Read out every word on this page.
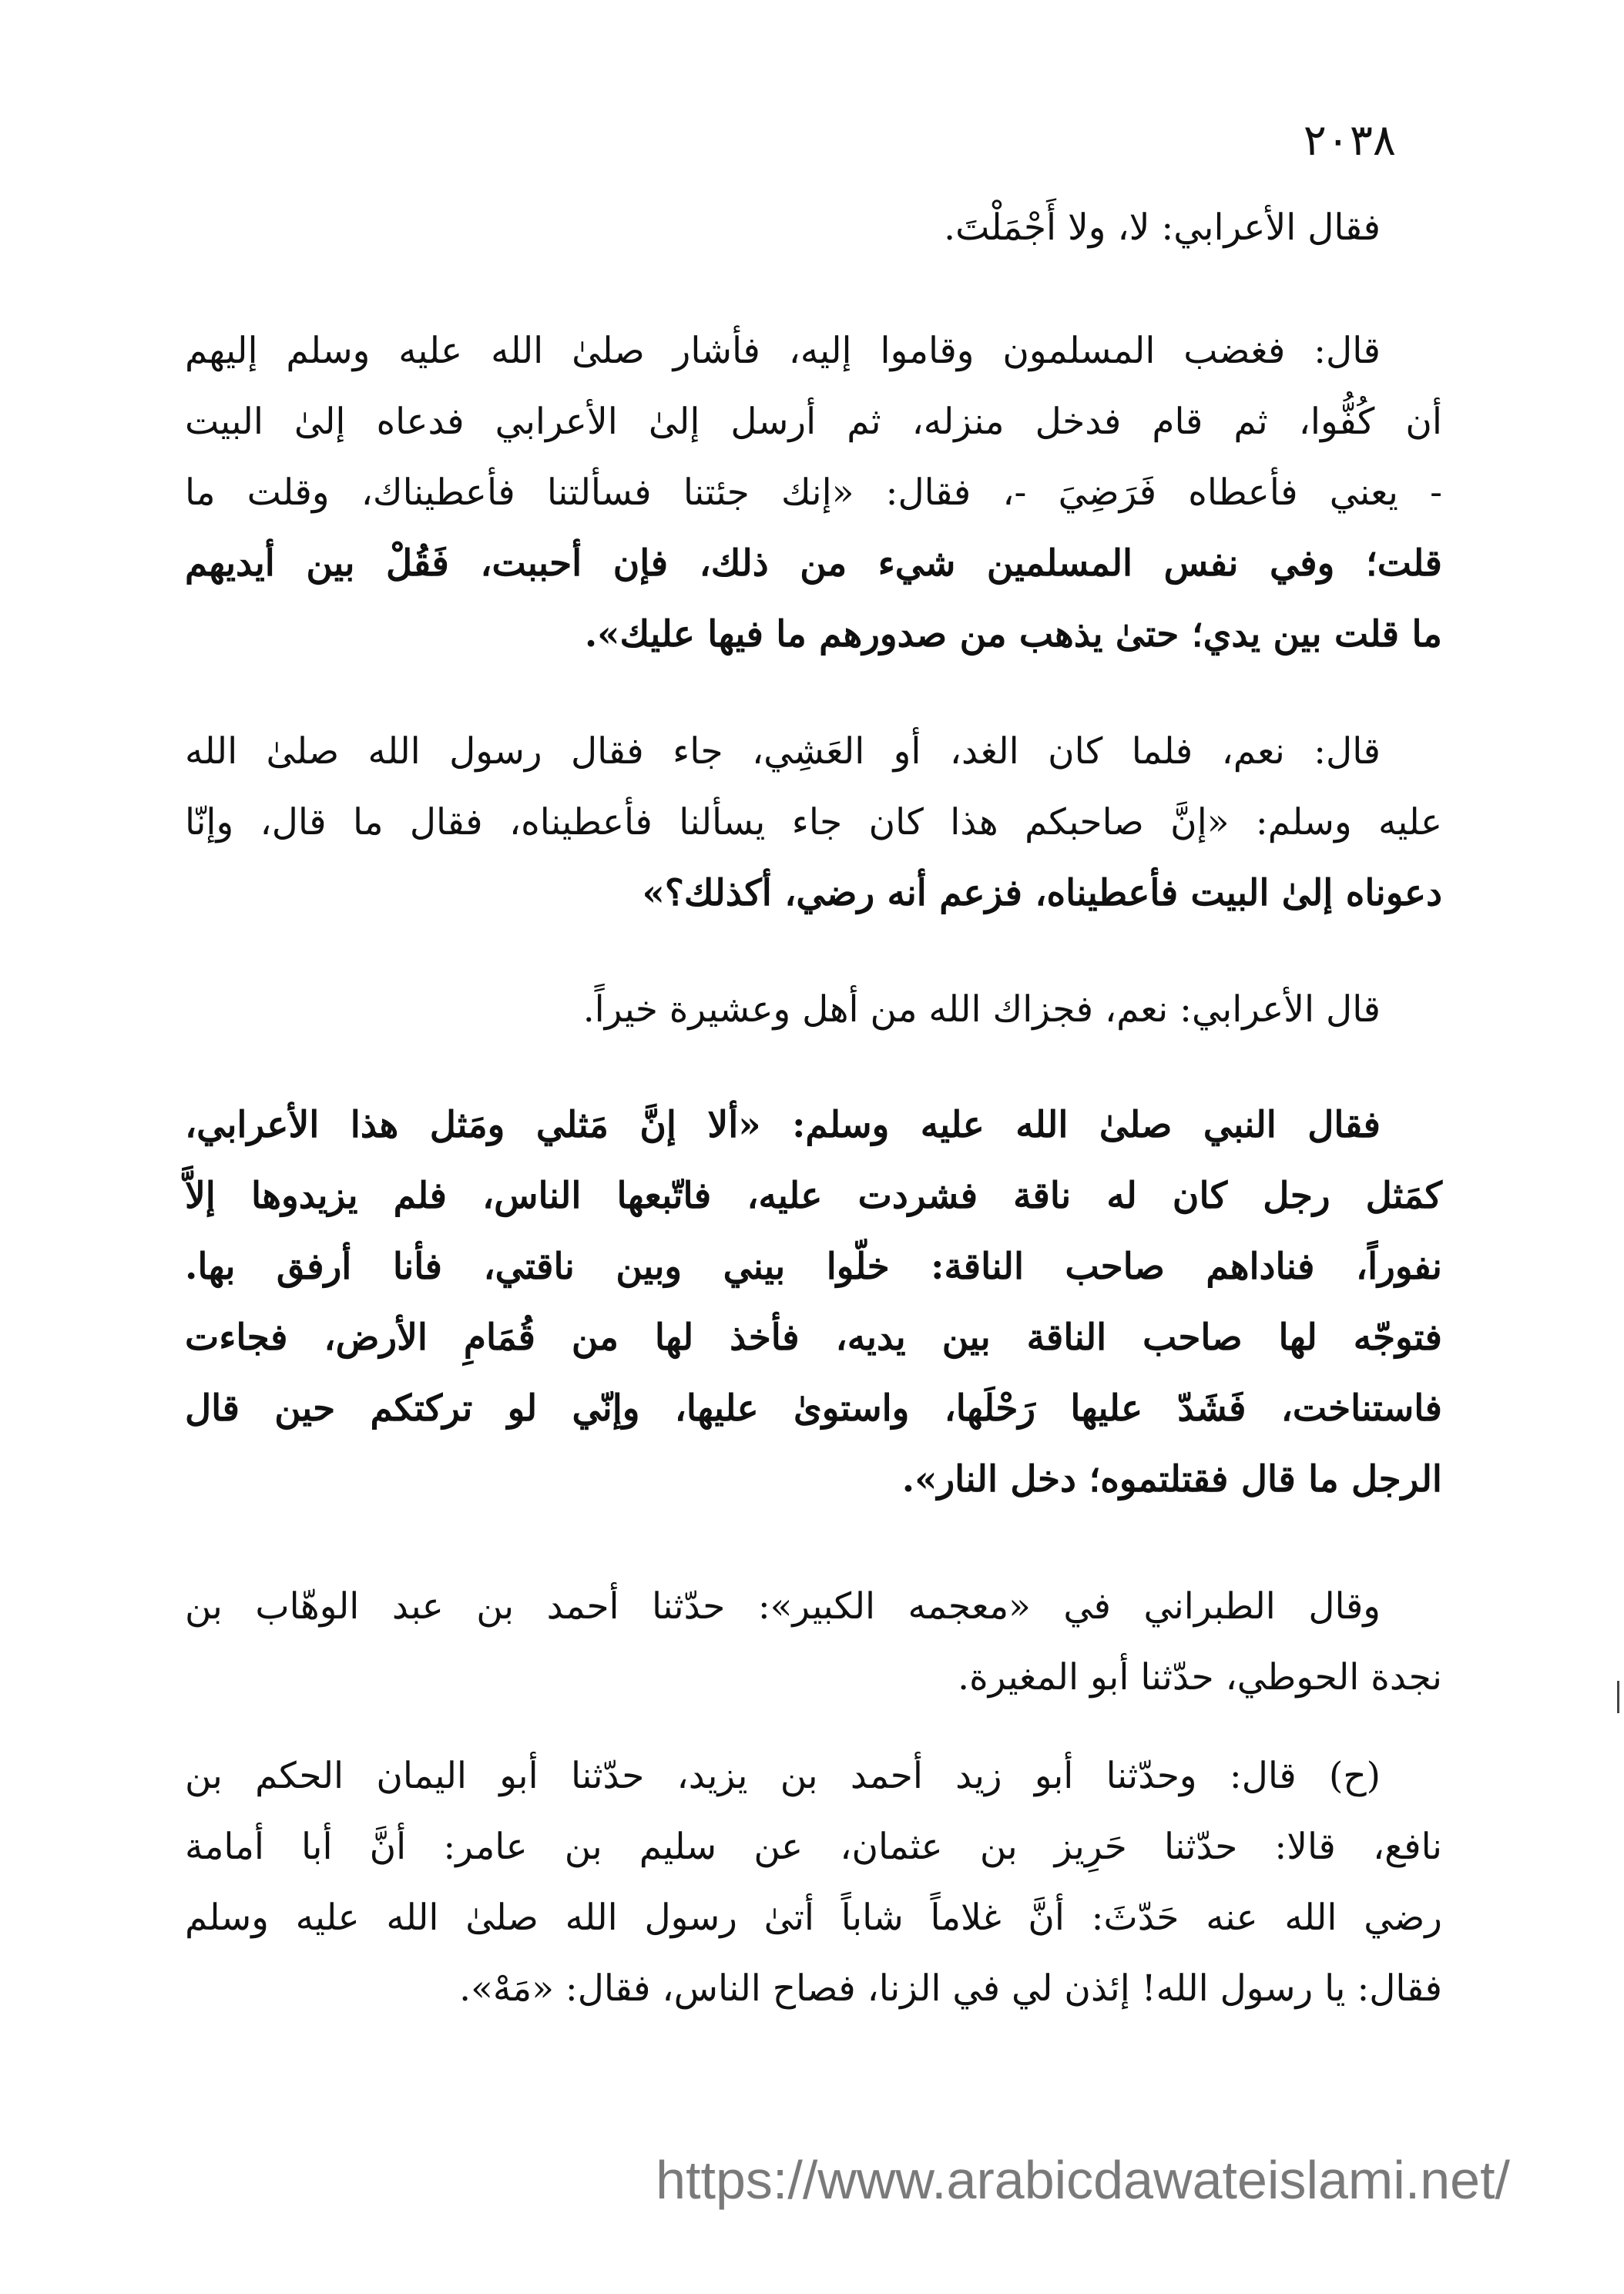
٢٠٣٨
فقال الأعرابي: لا، ولا أَجْمَلْتَ.
قال: فغضب المسلمون وقاموا إليه، فأشار صلىٰ الله عليه وسلم إليهم
أن كُفُّوا، ثم قام فدخل منزله، ثم أرسل إلىٰ الأعرابي فدعاه إلىٰ البيت
- يعني فأعطاه فَرَضِيَ -، فقال: «إنك جئتنا فسألتنا فأعطيناك، وقلت ما
قلت؛ وفي نفس المسلمين شيء من ذلك، فإن أحببت، فَقُلْ بين أيديهم
ما قلت بين يدي؛ حتىٰ يذهب من صدورهم ما فيها عليك».
قال: نعم، فلما كان الغد، أو العَشِي، جاء فقال رسول الله صلىٰ الله
عليه وسلم: «إنَّ صاحبكم هذا كان جاء يسألنا فأعطيناه، فقال ما قال، وإنّا
دعوناه إلىٰ البيت فأعطيناه، فزعم أنه رضي، أكذلك؟»
قال الأعرابي: نعم، فجزاك الله من أهل وعشيرة خيراً.
فقال النبي صلىٰ الله عليه وسلم: «ألا إنَّ مَثلي ومَثل هذا الأعرابي،
كمَثل رجل كان له ناقة فشردت عليه، فاتّبعها الناس، فلم يزيدوها إلاَّ
نفوراً، فناداهم صاحب الناقة: خلّوا بيني وبين ناقتي، فأنا أرفق بها.
فتوجّه لها صاحب الناقة بين يديه، فأخذ لها من قُمَامِ الأرض، فجاءت
فاستناخت، فَشَدّ عليها رَحْلَها، واستوىٰ عليها، وإنّي لو تركتكم حين قال
الرجل ما قال فقتلتموه؛ دخل النار».
وقال الطبراني في «معجمه الكبير»: حدّثنا أحمد بن عبد الوهّاب بن
نجدة الحوطي، حدّثنا أبو المغيرة.
(ح) قال: وحدّثنا أبو زيد أحمد بن يزيد، حدّثنا أبو اليمان الحكم بن
نافع، قالا: حدّثنا حَرِيز بن عثمان، عن سليم بن عامر: أنَّ أبا أمامة
رضي الله عنه حَدّثَ: أنَّ غلاماً شاباً أتىٰ رسول الله صلىٰ الله عليه وسلم
فقال: يا رسول الله! إئذن لي في الزنا، فصاح الناس، فقال: «مَهْ».
https://www.arabicdawateislami.net/
